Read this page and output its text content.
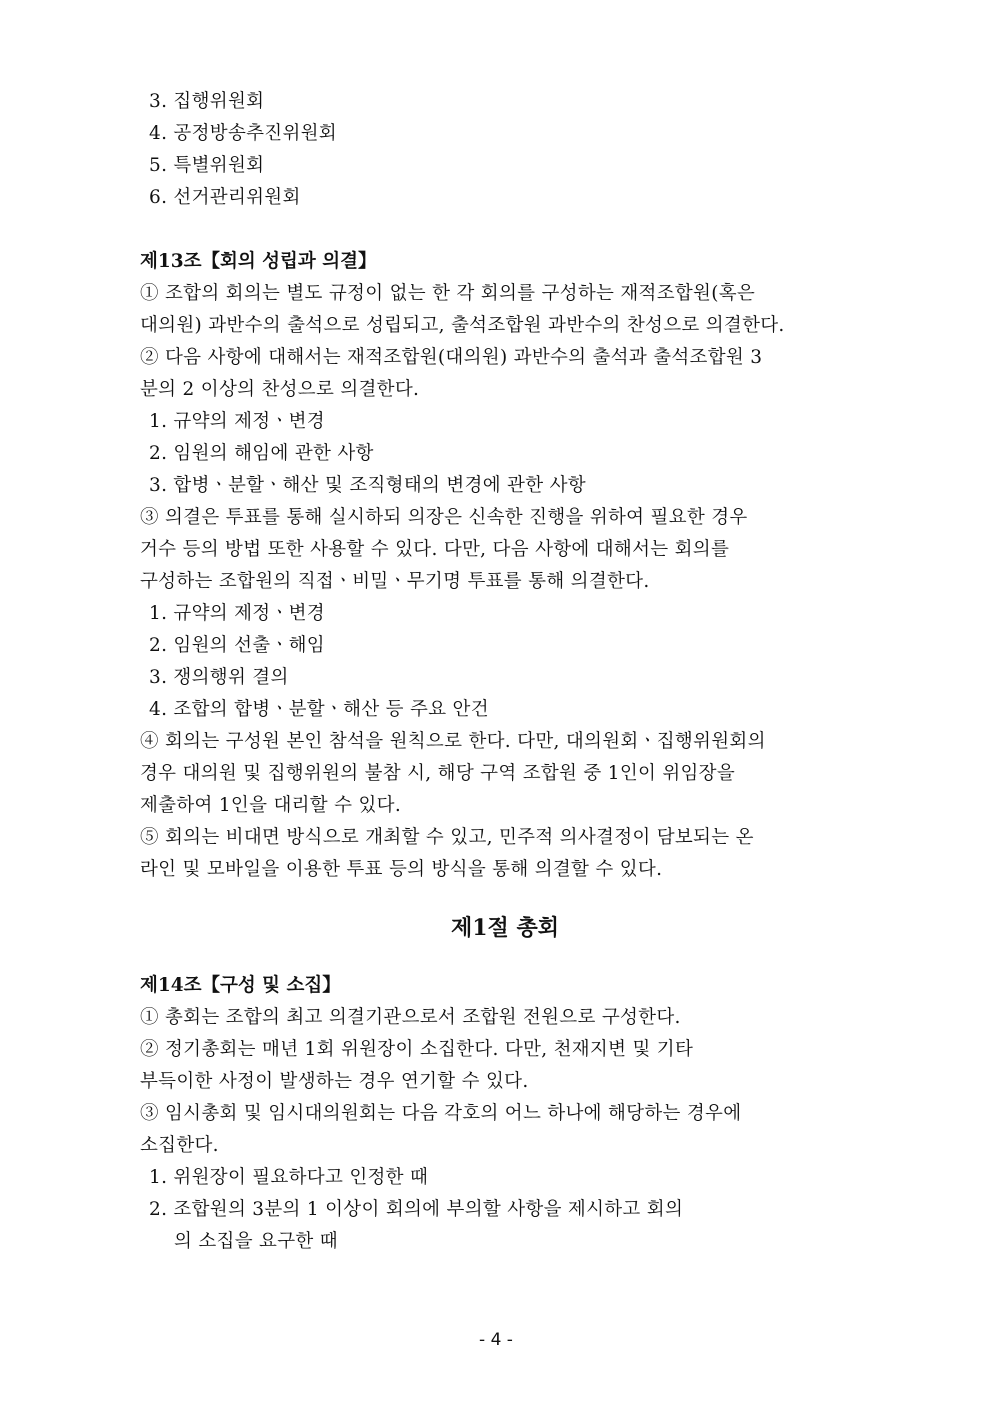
3. 집행위원회
4. 공정방송추진위원회
5. 특별위원회
6. 선거관리위원회
제13조【회의 성립과 의결】
① 조합의 회의는 별도 규정이 없는 한 각 회의를 구성하는 재적조합원(혹은
대의원) 과반수의 출석으로 성립되고, 출석조합원 과반수의 찬성으로 의결한다.
② 다음 사항에 대해서는 재적조합원(대의원) 과반수의 출석과 출석조합원 3
분의 2 이상의 찬성으로 의결한다.
1. 규약의 제정ㆍ변경
2. 임원의 해임에 관한 사항
3. 합병ㆍ분할ㆍ해산 및 조직형태의 변경에 관한 사항
③ 의결은 투표를 통해 실시하되 의장은 신속한 진행을 위하여 필요한 경우
거수 등의 방법 또한 사용할 수 있다. 다만, 다음 사항에 대해서는 회의를
구성하는 조합원의 직접ㆍ비밀ㆍ무기명 투표를 통해 의결한다.
1. 규약의 제정ㆍ변경
2. 임원의 선출ㆍ해임
3. 쟁의행위 결의
4. 조합의 합병ㆍ분할ㆍ해산 등 주요 안건
④ 회의는 구성원 본인 참석을 원칙으로 한다. 다만, 대의원회ㆍ집행위원회의
경우 대의원 및 집행위원의 불참 시, 해당 구역 조합원 중 1인이 위임장을
제출하여 1인을 대리할 수 있다.
⑤ 회의는 비대면 방식으로 개최할 수 있고, 민주적 의사결정이 담보되는 온
라인 및 모바일을 이용한 투표 등의 방식을 통해 의결할 수 있다.
제1절 총회
제14조【구성 및 소집】
① 총회는 조합의 최고 의결기관으로서 조합원 전원으로 구성한다.
② 정기총회는 매년 1회 위원장이 소집한다. 다만, 천재지변 및 기타
부득이한 사정이 발생하는 경우 연기할 수 있다.
③ 임시총회 및 임시대의원회는 다음 각호의 어느 하나에 해당하는 경우에
소집한다.
1. 위원장이 필요하다고 인정한 때
2. 조합원의 3분의 1 이상이 회의에 부의할 사항을 제시하고 회의
의 소집을 요구한 때
- 4 -
